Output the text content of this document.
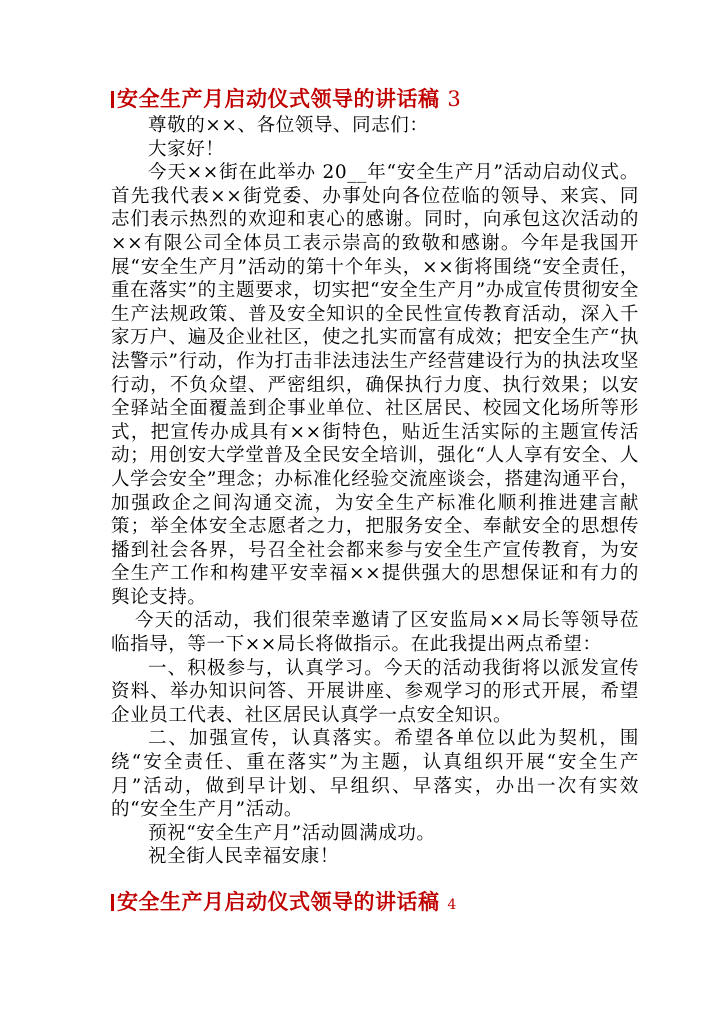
安全生产月启动仪式领导的讲话稿 3

尊敬的××、各位领导、同志们：

大家好！

今天××街在此举办 20__年“安全生产月”活动启动仪式。首先我代表××街党委、办事处向各位莅临的领导、来宾、同志们表示热烈的欢迎和衷心的感谢。同时，向承包这次活动的××有限公司全体员工表示崇高的致敬和感谢。今年是我国开展“安全生产月”活动的第十个年头，××街将围绕“安全责任，重在落实”的主题要求，切实把“安全生产月”办成宣传贯彻安全生产法规政策、普及安全知识的全民性宣传教育活动，深入千家万户、遍及企业社区，使之扎实而富有成效；把安全生产“执法警示”行动，作为打击非法违法生产经营建设行为的执法攻坚行动，不负众望、严密组织，确保执行力度、执行效果；以安全驿站全面覆盖到企事业单位、社区居民、校园文化场所等形式，把宣传办成具有××街特色，贴近生活实际的主题宣传活动；用创安大学堂普及全民安全培训，强化“人人享有安全、人人学会安全”理念；办标准化经验交流座谈会，搭建沟通平台，加强政企之间沟通交流，为安全生产标准化顺利推进建言献策；举全体安全志愿者之力，把服务安全、奉献安全的思想传播到社会各界，号召全社会都来参与安全生产宣传教育，为安全生产工作和构建平安幸福××提供强大的思想保证和有力的舆论支持。

今天的活动，我们很荣幸邀请了区安监局××局长等领导莅临指导，等一下××局长将做指示。在此我提出两点希望：

一、积极参与，认真学习。今天的活动我街将以派发宣传资料、举办知识问答、开展讲座、参观学习的形式开展，希望企业员工代表、社区居民认真学一点安全知识。

二、加强宣传，认真落实。希望各单位以此为契机，围绕“安全责任、重在落实”为主题，认真组织开展“安全生产月”活动，做到早计划、早组织、早落实，办出一次有实效的“安全生产月”活动。

预祝“安全生产月”活动圆满成功。

祝全街人民幸福安康！

安全生产月启动仪式领导的讲话稿 4
